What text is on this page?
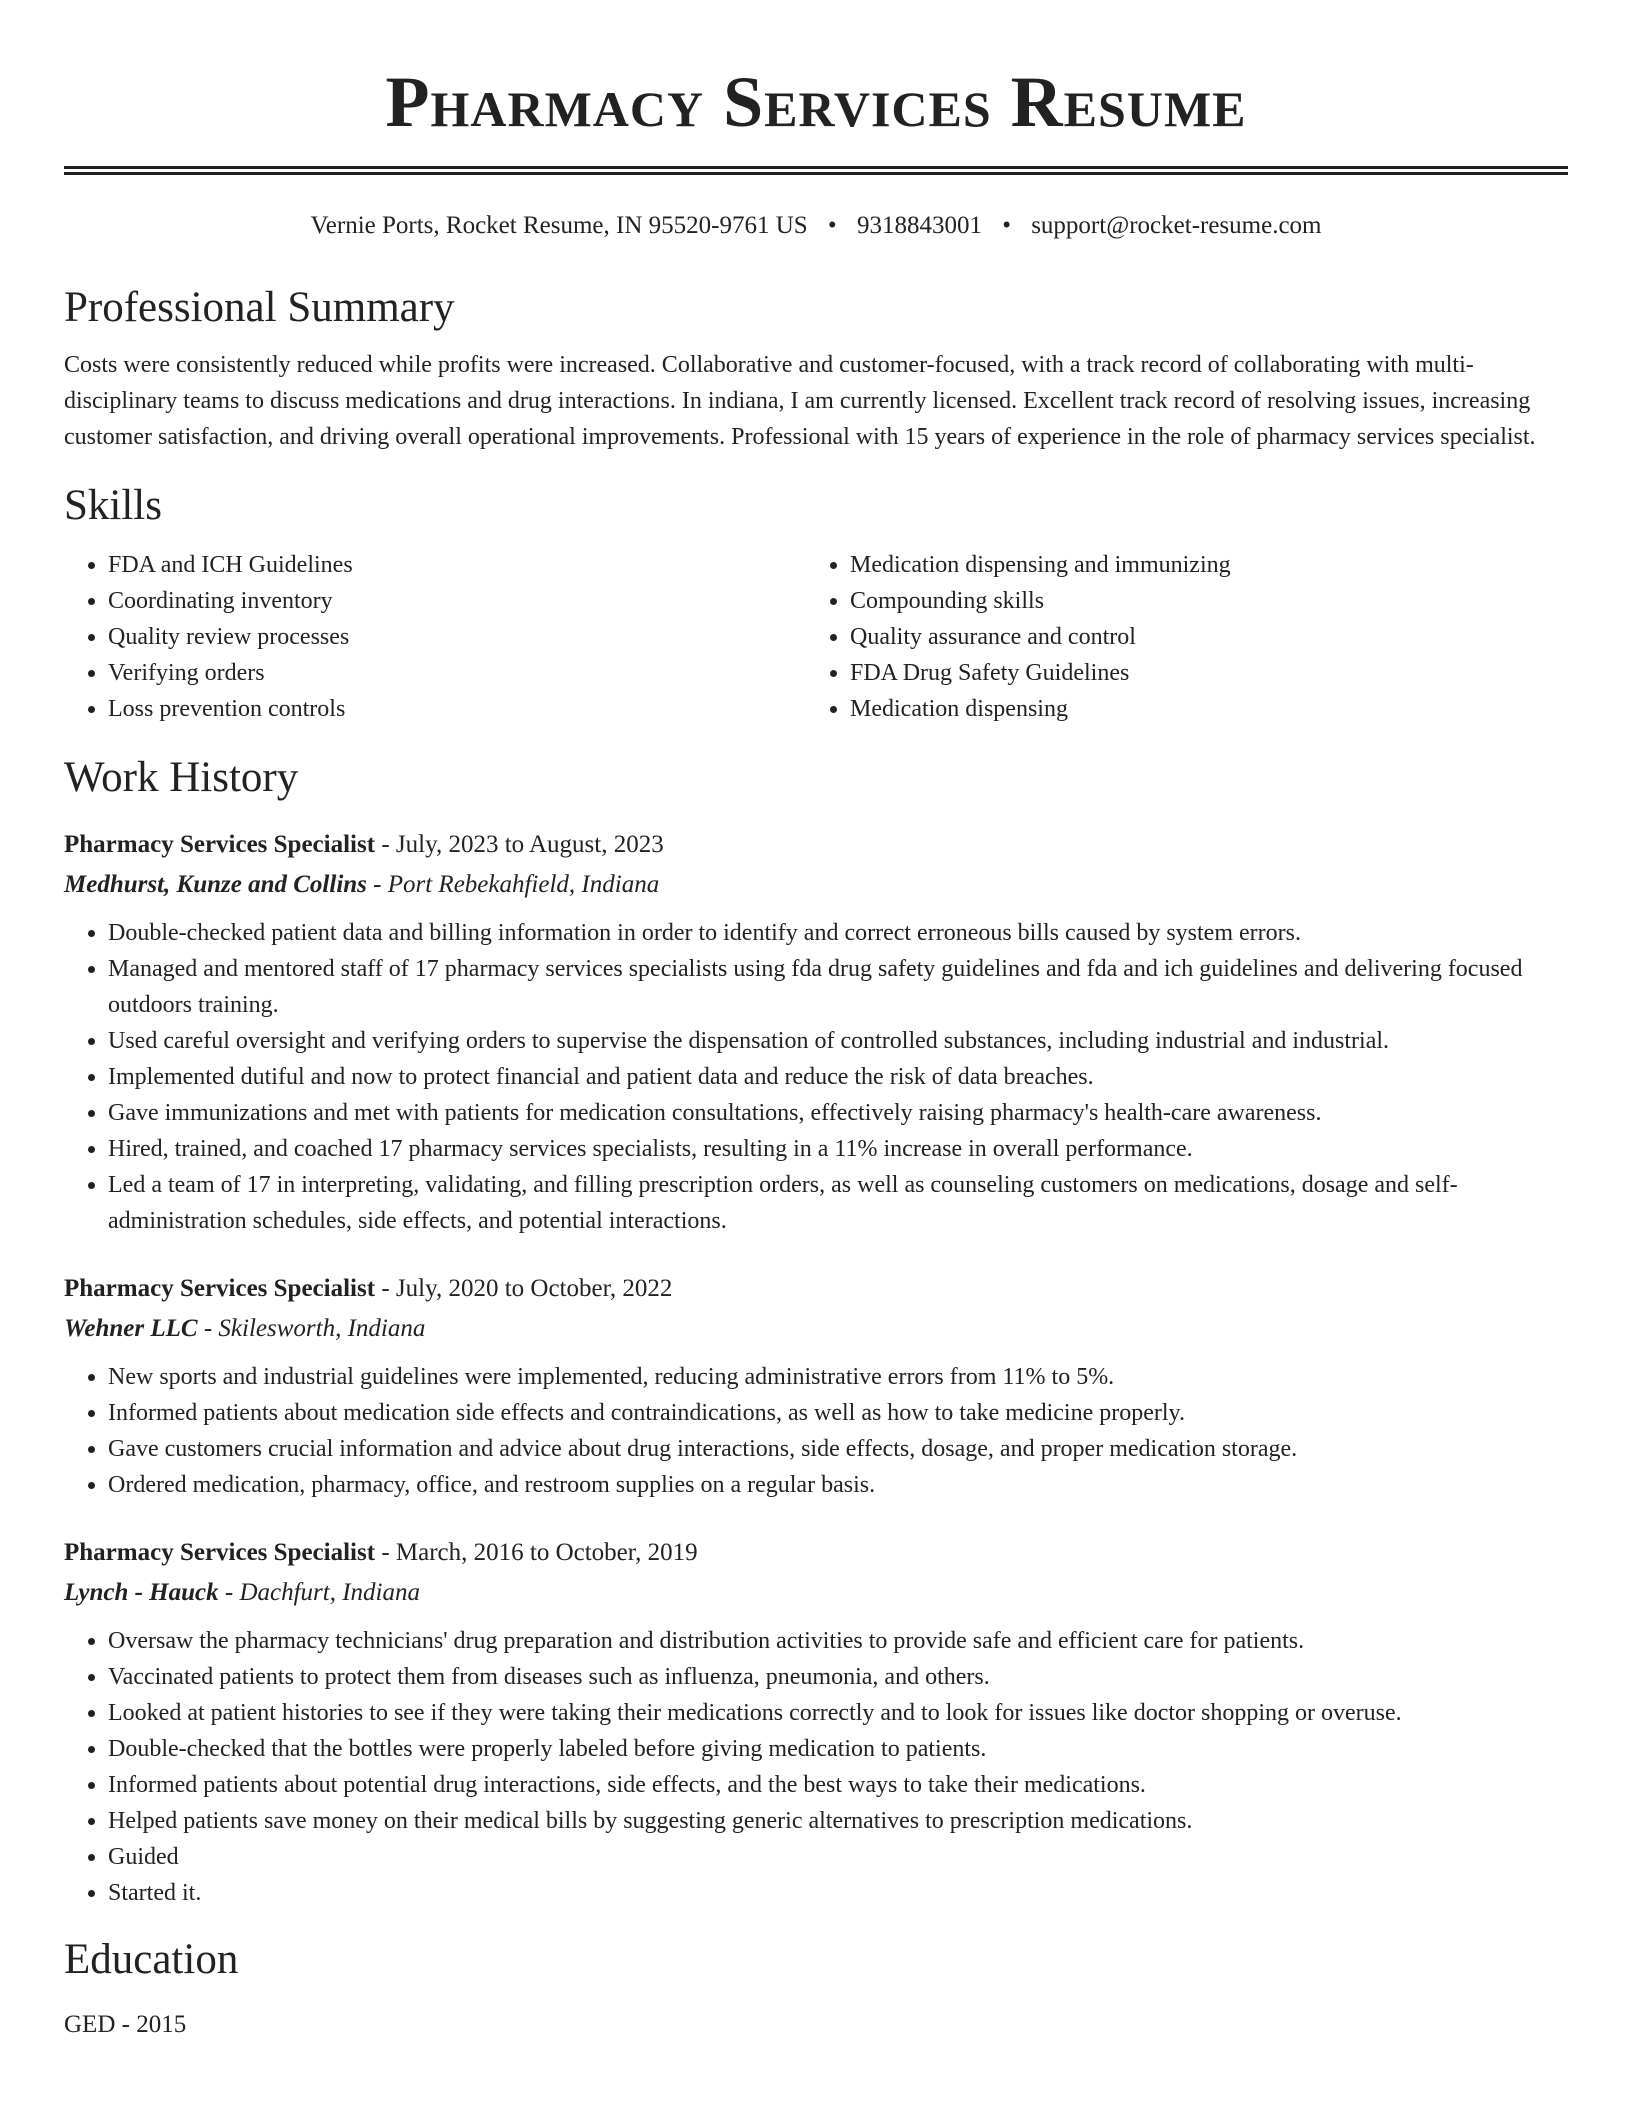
Pharmacy Services Resume
Vernie Ports, Rocket Resume, IN 95520-9761 US • 9318843001 • support@rocket-resume.com
Professional Summary

Costs were consistently reduced while profits were increased. Collaborative and customer-focused, with a track record of collaborating with multi-disciplinary teams to discuss medications and drug interactions. In indiana, I am currently licensed. Excellent track record of resolving issues, increasing customer satisfaction, and driving overall operational improvements. Professional with 15 years of experience in the role of pharmacy services specialist.

Skills
• FDA and ICH Guidelines
• Coordinating inventory
• Quality review processes
• Verifying orders
• Loss prevention controls
• Medication dispensing and immunizing
• Compounding skills
• Quality assurance and control
• FDA Drug Safety Guidelines
• Medication dispensing
Work History
Pharmacy Services Specialist - July, 2023 to August, 2023
Medhurst, Kunze and Collins - Port Rebekahfield, Indiana
• Double-checked patient data and billing information in order to identify and correct erroneous bills caused by system errors.
• Managed and mentored staff of 17 pharmacy services specialists using fda drug safety guidelines and fda and ich guidelines and delivering focused outdoors training.
• Used careful oversight and verifying orders to supervise the dispensation of controlled substances, including industrial and industrial.
• Implemented dutiful and now to protect financial and patient data and reduce the risk of data breaches.
• Gave immunizations and met with patients for medication consultations, effectively raising pharmacy's health-care awareness.
• Hired, trained, and coached 17 pharmacy services specialists, resulting in a 11% increase in overall performance.
• Led a team of 17 in interpreting, validating, and filling prescription orders, as well as counseling customers on medications, dosage and self-administration schedules, side effects, and potential interactions.
Pharmacy Services Specialist - July, 2020 to October, 2022
Wehner LLC - Skilesworth, Indiana
• New sports and industrial guidelines were implemented, reducing administrative errors from 11% to 5%.
• Informed patients about medication side effects and contraindications, as well as how to take medicine properly.
• Gave customers crucial information and advice about drug interactions, side effects, dosage, and proper medication storage.
• Ordered medication, pharmacy, office, and restroom supplies on a regular basis.
Pharmacy Services Specialist - March, 2016 to October, 2019
Lynch - Hauck - Dachfurt, Indiana
• Oversaw the pharmacy technicians' drug preparation and distribution activities to provide safe and efficient care for patients.
• Vaccinated patients to protect them from diseases such as influenza, pneumonia, and others.
• Looked at patient histories to see if they were taking their medications correctly and to look for issues like doctor shopping or overuse.
• Double-checked that the bottles were properly labeled before giving medication to patients.
• Informed patients about potential drug interactions, side effects, and the best ways to take their medications.
• Helped patients save money on their medical bills by suggesting generic alternatives to prescription medications.
• Guided
• Started it.
Education
GED - 2015
